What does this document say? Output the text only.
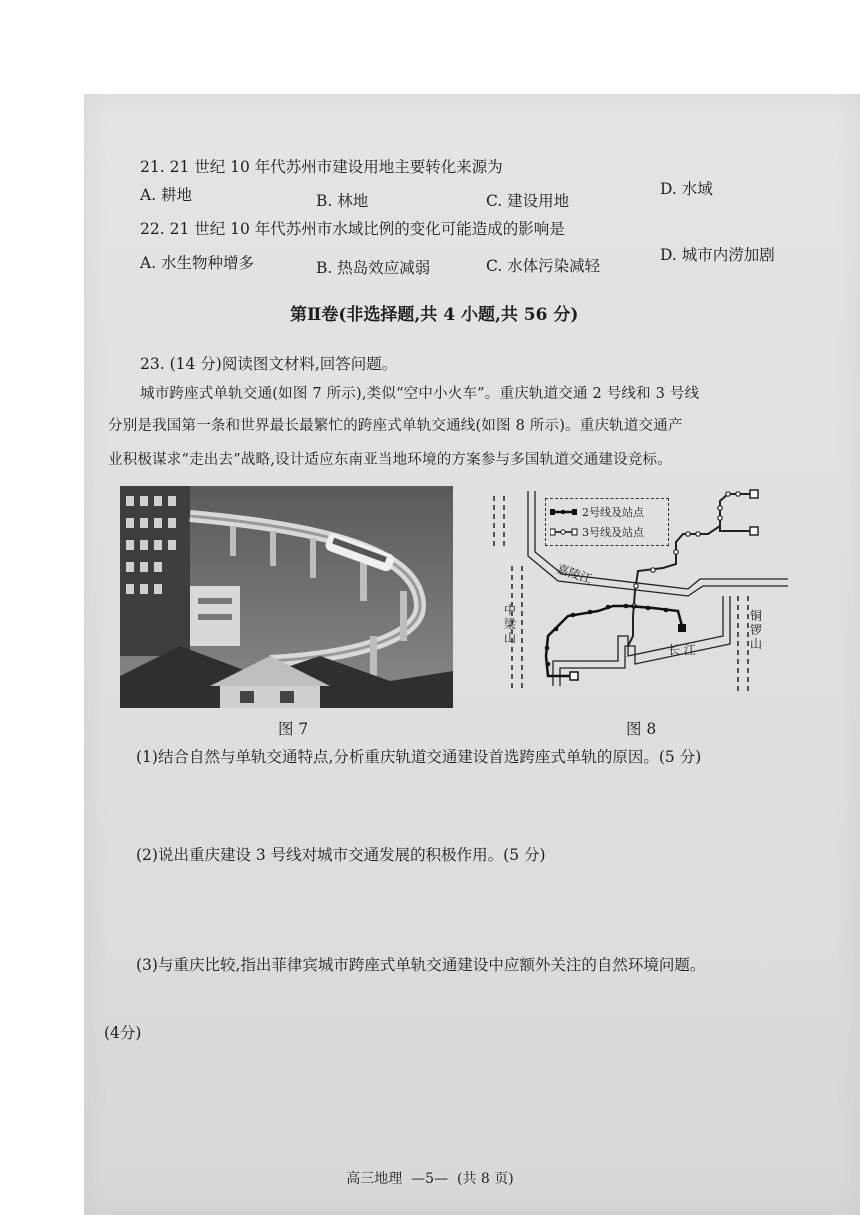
21. 21 世纪 10 年代苏州市建设用地主要转化来源为
A. 耕地	B. 林地	C. 建设用地
D. 水域
22. 21 世纪 10 年代苏州市水域比例的变化可能造成的影响是
A. 水生物种增多	B. 热岛效应减弱	C. 水体污染减轻
D. 城市内涝加剧
第Ⅱ卷(非选择题,共 4 小题,共 56 分)
23. (14 分)阅读图文材料,回答问题。
城市跨座式单轨交通(如图 7 所示),类似“空中小火车”。重庆轨道交通 2 号线和 3 号线
分别是我国第一条和世界最长最繁忙的跨座式单轨交通线(如图 8 所示)。重庆轨道交通产
业积极谋求“走出去”战略,设计适应东南亚当地环境的方案参与多国轨道交通建设竞标。
图 7
2号线及站点
3号线及站点
嘉陵江
中
梁
山
铜
锣
山
长 江
图 8
(1)结合自然与单轨交通特点,分析重庆轨道交通建设首选跨座式单轨的原因。(5 分)
(2)说出重庆建设 3 号线对城市交通发展的积极作用。(5 分)
(3)与重庆比较,指出菲律宾城市跨座式单轨交通建设中应额外关注的自然环境问题。
(4分)
高三地理  —5—  (共 8 页)
